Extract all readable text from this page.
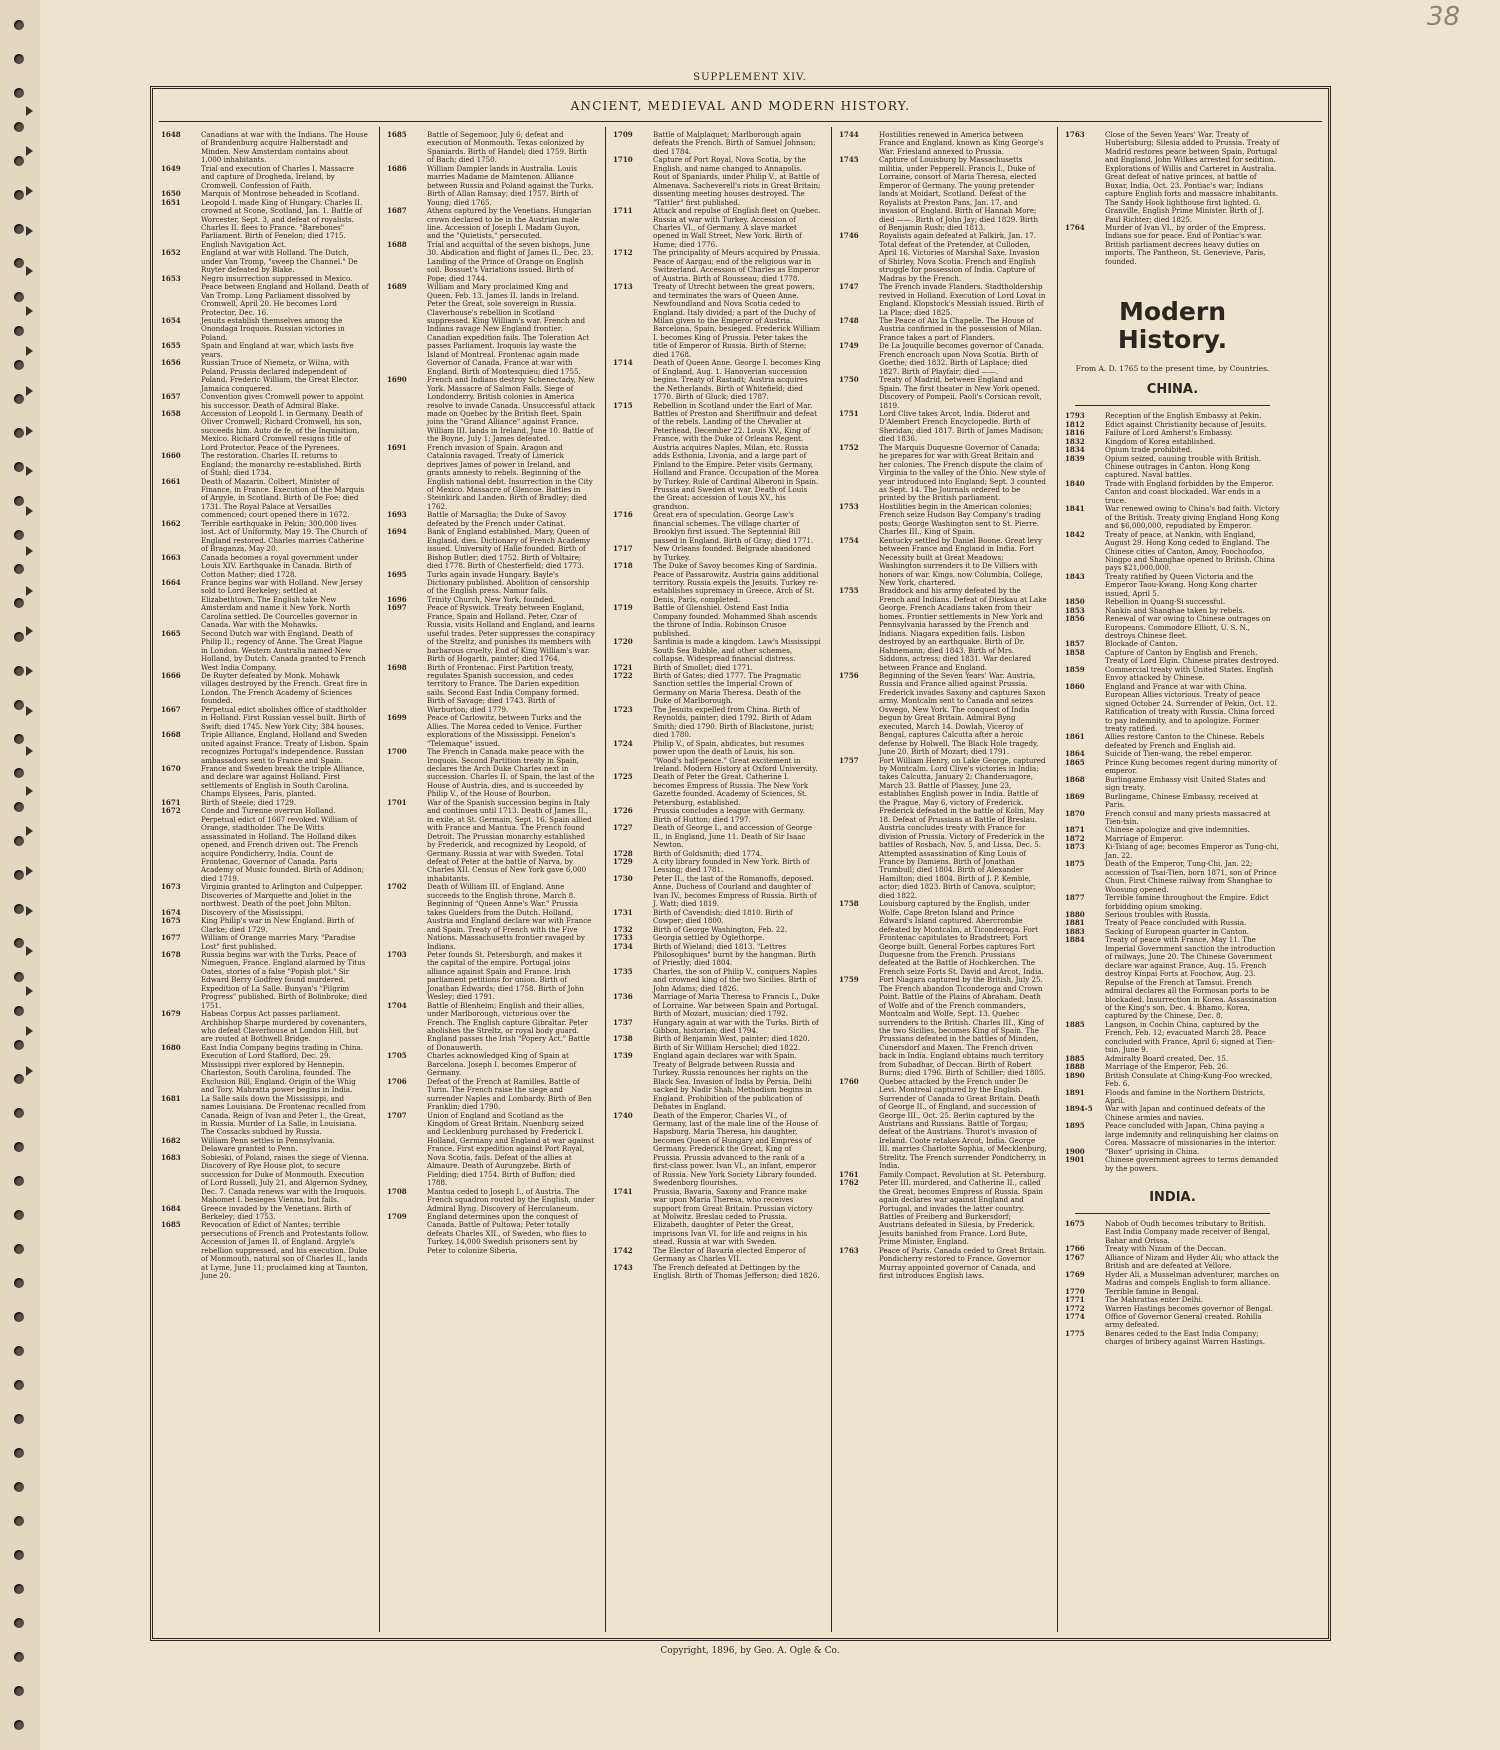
38
SUPPLEMENT XIV.
ANCIENT, MEDIEVAL AND MODERN HISTORY.
1648	Canadians at war with the Indians. The House of Brandenburg acquire Halberstadt and Minden. New Amsterdam contains about 1,000 inhabitants.
1649	Trial and execution of Charles I. Massacre and capture of Drogheda, Ireland, by Cromwell. Confession of Faith.
1650	Marquis of Montrose beheaded in Scotland.
1651	Leopold I. made King of Hungary. Charles II. crowned at Scone, Scotland, Jan. 1. Battle of Worcester, Sept. 3, and defeat of royalists. Charles II. flees to France. "Barebones" Parliament. Birth of Fenelon; died 1715. English Navigation Act.
1652	England at war with Holland. The Dutch, under Van Tromp, "sweep the Channel." De Ruyter defeated by Blake.
1653	Negro insurrection suppressed in Mexico. Peace between England and Holland. Death of Van Tromp. Long Parliament dissolved by Cromwell, April 20. He becomes Lord Protector, Dec. 16.
1654	Jesuits establish themselves among the Onondaga Iroquois. Russian victories in Poland.
1655	Spain and England at war, which lasts five years.
1656	Russian Truce of Niemetz, or Wilna, with Poland. Prussia declared independent of Poland. Frederic William, the Great Elector. Jamaica conquered.
1657	Convention gives Cromwell power to appoint his successor. Death of Admiral Blake.
1658	Accession of Leopold I. in Germany. Death of Oliver Cromwell; Richard Cromwell, his son, succeeds him. Auto de fe, of the Inquisition, Mexico. Richard Cromwell resigns title of Lord Protector. Peace of the Pyrenees.
1660	The restoration. Charles II. returns to England; the monarchy re-established. Birth of Stahl; died 1734.
1661	Death of Mazarin. Colbert, Minister of Finance, in France. Execution of the Marquis of Argyle, in Scotland. Birth of De Foe; died 1731. The Royal Palace at Versailles commenced; court opened there in 1672.
1662	Terrible earthquake in Pekin; 300,000 lives lost. Act of Uniformity, May 19. The Church of England restored. Charles marries Catherine of Braganza, May 20.
1663	Canada becomes a royal government under Louis XIV. Earthquake in Canada. Birth of Cotton Mather; died 1728.
1664	France begins war with Holland. New Jersey sold to Lord Berkeley; settled at Elizabethtown. The English take New Amsterdam and name it New York. North Carolina settled. De Courcelles governor in Canada. War with the Mohawks.
1665	Second Dutch war with England. Death of Philip II.; regency of Anne. The Great Plague in London. Western Australia named New Holland, by Dutch. Canada granted to French West India Company.
1666	De Ruyter defeated by Monk. Mohawk villages destroyed by the French. Great fire in London. The French Academy of Sciences founded.
1667	Perpetual edict abolishes office of stadtholder in Holland. First Russian vessel built. Birth of Swift; died 1745. New York City; 384 houses.
1668	Triple Alliance, England, Holland and Sweden united against France. Treaty of Lisbon. Spain recognizes Portugal's independence. Russian ambassadors sent to France and Spain.
1670	France and Sweden break the triple Alliance, and declare war against Holland. First settlements of English in South Carolina. Champs Elysees, Paris, planted.
1671	Birth of Steele; died 1729.
1672	Conde and Turenne overrun Holland. Perpetual edict of 1667 revoked. William of Orange, stadtholder. The De Witts assassinated in Holland. The Holland dikes opened, and French driven out. The French acquire Pondicherry, India. Count de Frontenac, Governor of Canada. Paris Academy of Music founded. Birth of Addison; died 1719.
1673	Virginia granted to Arlington and Culpepper. Discoveries of Marquette and Joliet in the northwest. Death of the poet John Milton.
1674	Discovery of the Mississippi.
1675	King Philip's war in New England. Birth of Clarke; died 1729.
1677	William of Orange marries Mary. "Paradise Lost" first published.
1678	Russia begins war with the Turks. Peace of Nimeguen, France. England alarmed by Titus Oates, stories of a false "Popish plot." Sir Edward Berry Godfrey found murdered. Expedition of La Salle. Bunyan's "Pilgrim Progress" published. Birth of Bolinbroke; died 1751.
1679	Habeas Corpus Act passes parliament. Archbishop Sharpe murdered by covenanters, who defeat Claverhouse at London Hill, but are routed at Bothwell Bridge.
1680	East India Company begins trading in China. Execution of Lord Stafford, Dec. 29. Mississippi river explored by Hennepin. Charleston, South Carolina, founded. The Exclusion Bill, England. Origin of the Whig and Tory. Mahratta power begins in India.
1681	La Salle sails down the Mississippi, and names Louisiana. De Frontenac recalled from Canada. Reign of Ivan and Peter I., the Great, in Russia. Murder of La Salle, in Louisiana. The Cossacks subdued by Russia.
1682	William Penn settles in Pennsylvania. Delaware granted to Penn.
1683	Sobieski, of Poland, raises the siege of Vienna. Discovery of Rye House plot, to secure succession for Duke of Monmouth. Execution of Lord Russell, July 21, and Algernon Sydney, Dec. 7. Canada renews war with the Iroquois. Mahomet I. besieges Vienna, but fails.
1684	Greece invaded by the Venetians. Birth of Berkeley; died 1753.
1685	Revocation of Edict of Nantes; terrible persecutions of French and Protestants follow. Accession of James II. of England. Argyle's rebellion suppressed, and his execution. Duke of Monmouth, natural son of Charles II., lands at Lyme, June 11; proclaimed king at Taunton, June 20.
1685	Battle of Segemoor, July 6; defeat and execution of Monmouth. Texas colonized by Spaniards. Birth of Handel; died 1759. Birth of Bach; died 1750.
1686	William Dampier lands in Australia. Louis marries Madame de Maintenon. Alliance between Russia and Poland against the Turks. Birth of Allan Ramsay; died 1757. Birth of Young; died 1765.
1687	Athens captured by the Venetians. Hungarian crown declared to be in the Austrian male line. Accession of Joseph I. Madam Guyon, and the "Quietists," persecuted.
1688	Trial and acquittal of the seven bishops, June 30. Abdication and flight of James II., Dec. 23. Landing of the Prince of Orange on English soil. Bossuet's Variations issued. Birth of Pope; died 1744.
1689	William and Mary proclaimed King and Queen, Feb. 13. James II. lands in Ireland. Peter the Great, sole sovereign in Russia. Claverhouse's rebellion in Scotland suppressed. King William's war. French and Indians ravage New England frontier. Canadian expedition fails. The Toleration Act passes Parliament. Iroquois lay waste the Island of Montreal. Frontenac again made Governor of Canada. France at war with England. Birth of Montesquieu; died 1755.
1690	French and Indians destroy Schenectady, New York. Massacre of Salmon Falls. Siege of Londonderry. British colonies in America resolve to invade Canada. Unsuccessful attack made on Quebec by the British fleet. Spain joins the "Grand Alliance" against France. William III. lands in Ireland, June 10. Battle of the Boyne, July 1; James defeated.
1691	French invasion of Spain. Aragon and Catalonia ravaged. Treaty of Limerick deprives James of power in Ireland, and grants amnesty to rebels. Beginning of the English national debt. Insurrection in the City of Mexico. Massacre of Glencoe. Battles in Steinkirk and Landen. Birth of Bradley; died 1762.
1693	Battle of Marsaglia; the Duke of Savoy defeated by the French under Catinat.
1694	Bank of England established. Mary, Queen of England, dies. Dictionary of French Academy issued. University of Halle founded. Birth of Bishop Butler; died 1752. Birth of Voltaire; died 1778. Birth of Chesterfield; died 1773.
1695	Turks again invade Hungary. Bayle's Dictionary published. Abolition of censorship of the English press. Namur falls.
1696	Trinity Church, New York, founded.
1697	Peace of Ryswick. Treaty between England, France, Spain and Holland. Peter, Czar of Russia, visits Holland and England, and learns useful trades. Peter suppresses the conspiracy of the Streltz, and punishes its members with barbarous cruelty. End of King William's war. Birth of Hogarth, painter; died 1764.
1698	Birth of Frontenac. First Partition treaty, regulates Spanish succession, and cedes territory to France. The Darien expedition sails. Second East India Company formed. Birth of Savage; died 1743. Birth of Warburton; died 1779.
1699	Peace of Carlowitz, between Turks and the Allies. The Morea ceded to Venice. Further explorations of the Mississippi. Fenelon's "Telemaque" issued.
1700	The French in Canada make peace with the Iroquois. Second Partition treaty in Spain, declares the Arch Duke Charles next in succession. Charles II. of Spain, the last of the House of Austria, dies, and is succeeded by Philip V., of the House of Bourbon.
1701	War of the Spanish succession begins in Italy and continues until 1713. Death of James II., in exile, at St. Germain, Sept. 16. Spain allied with France and Mantua. The French found Detroit. The Prussian monarchy established by Frederick, and recognized by Leopold, of Germany. Russia at war with Sweden. Total defeat of Peter at the battle of Narva, by Charles XII. Census of New York gave 6,000 inhabitants.
1702	Death of William III. of England. Anne succeeds to the English throne, March 8. Beginning of "Queen Anne's War." Prussia takes Guelders from the Dutch. Holland, Austria and England declare war with France and Spain. Treaty of French with the Five Nations. Massachusetts frontier ravaged by Indians.
1703	Peter founds St. Petersburgh, and makes it the capital of the empire. Portugal joins alliance against Spain and France. Irish parliament petitions for union. Birth of Jonathan Edwards; died 1758. Birth of John Wesley; died 1791.
1704	Battle of Blenheim; English and their allies, under Marlborough, victorious over the French. The English capture Gibraltar. Peter abolishes the Streltz, or royal body guard. England passes the Irish "Popery Act." Battle of Donauwerth.
1705	Charles acknowledged King of Spain at Barcelona. Joseph I. becomes Emperor of Germany.
1706	Defeat of the French at Ramilles. Battle of Turin. The French raise the siege and surrender Naples and Lombardy. Birth of Ben Franklin; died 1790.
1707	Union of England and Scotland as the Kingdom of Great Britain. Nuenburg seized and Lecklenburg purchased by Frederick I. Holland, Germany and England at war against France. First expedition against Port Royal, Nova Scotia, fails. Defeat of the allies at Almaure. Death of Aurungzebe. Birth of Fielding; died 1754. Birth of Buffon; died 1788.
1708	Mantua ceded to Joseph I., of Austria. The French squadron routed by the English, under Admiral Byng. Discovery of Herculaneum.
1709	England determines upon the conquest of Canada. Battle of Pultowa; Peter totally defeats Charles XII., of Sweden, who flies to Turkey. 14,000 Swedish prisoners sent by Peter to colonize Siberia.
1709	Battle of Malplaquet; Marlborough again defeats the French. Birth of Samuel Johnson; died 1784.
1710	Capture of Port Royal, Nova Scotia, by the English, and name changed to Annapolis. Rout of Spaniards, under Philip V., at Battle of Almenava. Sacheverell's riots in Great Britain; dissenting meeting houses destroyed. The "Tattler" first published.
1711	Attack and repulse of English fleet on Quebec. Russia at war with Turkey. Accession of Charles VI., of Germany. A slave market opened in Wall Street, New York. Birth of Hume; died 1776.
1712	The principality of Meurs acquired by Prussia. Peace of Aargau; end of the religious war in Switzerland. Accession of Charles as Emperor of Austria. Birth of Rousseau; died 1778.
1713	Treaty of Utrecht between the great powers, and terminates the wars of Queen Anne. Newfoundland and Nova Scotia ceded to England. Italy divided; a part of the Duchy of Milan given to the Emperor of Austria. Barcelona, Spain, besieged. Frederick William I. becomes King of Prussia. Peter takes the title of Emperor of Russia. Birth of Sterne; died 1768.
1714	Death of Queen Anne. George I. becomes King of England, Aug. 1. Hanoverian succession begins. Treaty of Rastadt; Austria acquires the Netherlands. Birth of Whitefield; died 1770. Birth of Gluck; died 1787.
1715	Rebellion in Scotland under the Earl of Mar. Battles of Preston and Sheriffmuir and defeat of the rebels. Landing of the Chevalier at Peterhead, December 22. Louis XV., King of France, with the Duke of Orleans Regent. Austria acquires Naples, Milan, etc. Russia adds Esthonia, Livonia, and a large part of Finland to the Empire. Peter visits Germany, Holland and France. Occupation of the Morea by Turkey. Rule of Cardinal Alberoni in Spain. Prussia and Sweden at war. Death of Louis the Great; accession of Louis XV., his grandson.
1716	Great era of speculation. George Law's financial schemes. The village charter of Brooklyn first issued. The Septennial Bill passed in England. Birth of Gray; died 1771.
1717	New Orleans founded. Belgrade abandoned by Turkey.
1718	The Duke of Savoy becomes King of Sardinia. Peace of Passarowitz. Austria gains additional territory. Russia expels the Jesuits. Turkey re-establishes supremacy in Greece. Arch of St. Denis, Paris, completed.
1719	Battle of Glenshiel. Ostend East India Company founded. Mohammed Shah ascends the throne of India. Robinson Crusoe published.
1720	Sardinia is made a kingdom. Law's Mississippi South Sea Bubble, and other schemes, collapse. Widespread financial distress.
1721	Birth of Smollet; died 1771.
1722	Birth of Gates; died 1777. The Pragmatic Sanction settles the Imperial Crown of Germany on Maria Theresa. Death of the Duke of Marlborough.
1723	The Jesuits expelled from China. Birth of Reynolds, painter; died 1792. Birth of Adam Smith; died 1790. Birth of Blackstone, jurist; died 1780.
1724	Philip V., of Spain, abdicates, but resumes power upon the death of Louis, his son. "Wood's half-pence." Great excitement in Ireland. Modern History at Oxford University.
1725	Death of Peter the Great. Catherine I. becomes Empress of Russia. The New York Gazette founded. Academy of Sciences, St. Petersburg, established.
1726	Prussia concludes a league with Germany. Birth of Hutton; died 1797.
1727	Death of George I., and accession of George II., in England, June 11. Death of Sir Isaac Newton.
1728	Birth of Goldsmith; died 1774.
1729	A city library founded in New York. Birth of Lessing; died 1781.
1730	Peter II., the last of the Romanoffs, deposed. Anne, Duchess of Courland and daughter of Ivan IV., becomes Empress of Russia. Birth of J. Watt; died 1819.
1731	Birth of Cavendish; died 1810. Birth of Cowper; died 1800.
1732	Birth of George Washington, Feb. 22.
1733	Georgia settled by Oglethorpe.
1734	Birth of Wieland; died 1813. "Lettres Philosophiques" burnt by the hangman. Birth of Priestly; died 1804.
1735	Charles, the son of Philip V., conquers Naples and crowned king of the two Sicilies. Birth of John Adams; died 1826.
1736	Marriage of Maria Theresa to Francis I., Duke of Lorraine. War between Spain and Portugal. Birth of Mozart, musician; died 1792.
1737	Hungary again at war with the Turks. Birth of Gibbon, historian; died 1794.
1738	Birth of Benjamin West, painter; died 1820. Birth of Sir William Herschel; died 1822.
1739	England again declares war with Spain. Treaty of Belgrade between Russia and Turkey. Russia renounces her rights on the Black Sea. Invasion of India by Persia. Delhi sacked by Nadir Shah. Methodism begins in England. Prohibition of the publication of Debates in England.
1740	Death of the Emperor, Charles VI., of Germany, last of the male line of the House of Hapsburg. Maria Theresa, his daughter, becomes Queen of Hungary and Empress of Germany. Frederick the Great, King of Prussia. Prussia advanced to the rank of a first-class power. Ivan VI., an infant, emperor of Russia. New York Society Library founded. Swedenborg flourishes.
1741	Prussia, Bavaria, Saxony and France make war upon Maria Theresa, who receives support from Great Britain. Prussian victory at Molwitz. Breslau ceded to Prussia. Elizabeth, daughter of Peter the Great, imprisons Ivan VI. for life and reigns in his stead. Russia at war with Sweden.
1742	The Elector of Bavaria elected Emperor of Germany as Charles VII.
1743	The French defeated at Dettingen by the English. Birth of Thomas Jefferson; died 1826.
1744	Hostilities renewed in America between France and England, known as King George's War. Friesland annexed to Prussia.
1745	Capture of Louisburg by Massachusetts militia, under Pepperell. Francis I., Duke of Lorraine, consort of Maria Theresa, elected Emperor of Germany. The young pretender lands at Moidart, Scotland. Defeat of the Royalists at Preston Pans, Jan. 17, and invasion of England. Birth of Hannah More; died ——. Birth of John Jay; died 1829. Birth of Benjamin Rush; died 1813.
1746	Royalists again defeated at Falkirk, Jan. 17. Total defeat of the Pretender, at Culloden, April 16. Victories of Marshal Saxe. Invasion of Shirley, Nova Scotia. French and English struggle for possession of India. Capture of Madras by the French.
1747	The French invade Flanders. Stadtholdership revived in Holland. Execution of Lord Lovat in England. Klopstock's Messiah issued. Birth of La Place; died 1825.
1748	The Peace of Aix la Chapelle. The House of Austria confirmed in the possession of Milan. France takes a part of Flanders.
1749	De La Jouquille becomes governor of Canada. French encroach upon Nova Scotia. Birth of Goethe; died 1832. Birth of Laplace; died 1827. Birth of Playfair; died ——.
1750	Treaty of Madrid, between England and Spain. The first theater in New York opened. Discovery of Pompeii. Paoli's Corsican revolt, 1819.
1751	Lord Clive takes Arcot, India. Diderot and D'Alembert French Encyclopedie. Birth of Sheridan; died 1817. Birth of James Madison; died 1836.
1752	The Marquis Duquesne Governor of Canada; he prepares for war with Great Britain and her colonies. The French dispute the claim of Virginia to the valley of the Ohio. New style of year introduced into England; Sept. 3 counted as Sept. 14. The Journals ordered to be printed by the British parliament.
1753	Hostilities begin in the American colonies; French seize Hudson Bay Company's trading posts; George Washington sent to St. Pierre. Charles III., King of Spain.
1754	Kentucky settled by Daniel Boone. Great levy between France and England in India. Fort Necessity built at Great Meadows; Washington surrenders it to De Villiers with honors of war. Kings, now Columbia, College, New York, chartered.
1755	Braddock and his army defeated by the French and Indians. Defeat of Dieskau at Lake George. French Acadians taken from their homes. Frontier settlements in New York and Pennsylvania harassed by the French and Indians. Niagara expedition fails. Lisbon destroyed by an earthquake. Birth of Dr. Hahnemann; died 1843. Birth of Mrs. Siddons, actress; died 1831. War declared between France and England.
1756	Beginning of the Seven Years' War. Austria, Russia and France allied against Prussia. Frederick invades Saxony and captures Saxon army. Montcalm sent to Canada and seizes Oswego, New York. The conquest of India begun by Great Britain. Admiral Byng executed, March 14. Dowlah, Viceroy of Bengal, captures Calcutta after a heroic defense by Holwell. The Black Hole tragedy, June 20. Birth of Mozart; died 1791.
1757	Fort William Henry, on Lake George, captured by Montcalm. Lord Clive's victories in India; takes Calcutta, January 2; Chanderuagore, March 23. Battle of Plassey, June 23, establishes English power in India. Battle of the Prague, May 6, victory of Frederick. Frederick defeated in the battle of Kolin, May 18. Defeat of Prussians at Battle of Breslau. Austria concludes treaty with France for division of Prussia. Victory of Frederick in the battles of Rosbach, Nov. 5, and Lissa, Dec. 5. Attempted assassination of King Louis of France by Damiens. Birth of Jonathan Trumbull; died 1804. Birth of Alexander Hamilton; died 1804. Birth of J. P. Kemble, actor; died 1823. Birth of Canova, sculptor; died 1822.
1758	Louisburg captured by the English, under Wolfe. Cape Breton Island and Prince Edward's Island captured. Abercrombie defeated by Montcalm, at Ticonderoga. Fort Frontenac capitulates to Bradstreet; Fort George built. General Forbes captures Fort Duquesne from the French. Prussians defeated at the Battle of Hochkerchen. The French seize Forts St. David and Arcot, India.
1759	Fort Niagara captured by the British, July 25. The French abandon Ticonderoga and Crown Point. Battle of the Plains of Abraham. Death of Wolfe and of the French commanders, Montcalm and Wolfe, Sept. 13. Quebec surrenders to the British. Charles III., King of the two Sicilies, becomes King of Spain. The Prussians defeated in the battles of Minden, Cunersdorf and Maxen. The French driven back in India. England obtains much territory from Subadhar, of Deccan. Birth of Robert Burns; died 1796. Birth of Schiller; died 1805.
1760	Quebec attacked by the French under De Levi. Montreal captured by the English. Surrender of Canada to Great Britain. Death of George II., of England, and succession of George III., Oct. 25. Berlin captured by the Austrians and Russians. Battle of Torgau; defeat of the Austrians. Thurot's invasion of Ireland. Coote retakes Arcot, India. George III. marries Charlotte Sophia, of Mecklenburg, Strelitz. The French surrender Pondicherry, in India.
1761	Family Compact. Revolution at St. Petersburg.
1762	Peter III. murdered, and Catherine II., called the Great, becomes Empress of Russia. Spain again declares war against England and Portugal, and invades the latter country. Battles of Freiberg and Burkersdorf; Austrians defeated in Silesia, by Frederick. Jesuits banished from France. Lord Bute, Prime Minister, England.
1763	Peace of Paris. Canada ceded to Great Britain. Pondicherry restored to France. Governor Murray appointed governor of Canada, and first introduces English laws.
1763	Close of the Seven Years' War. Treaty of Hubertsburg; Silesia added to Prussia. Treaty of Madrid restores peace between Spain, Portugal and England. John Wilkes arrested for sedition. Explorations of Willis and Carteret in Australia. Great defeat of native princes, at battle of Buxar, India, Oct. 23. Pontiac's war; Indians capture English forts and massacre inhabitants. The Sandy Hook lighthouse first lighted. G. Granville, English Prime Minister. Birth of J. Paul Richter; died 1825.
1764	Murder of Ivan VI., by order of the Empress. Indians sue for peace. End of Pontiac's war. British parliament decrees heavy duties on imports. The Pantheon, St. Genevieve, Paris, founded.
Modern History.
From A. D. 1765 to the present time, by Countries.
CHINA.
1793	Reception of the English Embassy at Pekin.
1812	Edict against Christianity because of Jesuits.
1816	Failure of Lord Amherst's Embassy.
1832	Kingdom of Korea established.
1834	Opium trade prohibited.
1839	Opium seized, causing trouble with British. Chinese outrages in Canton. Hong Kong captured. Naval battles.
1840	Trade with England forbidden by the Emperor. Canton and coast blockaded. War ends in a truce.
1841	War renewed owing to China's bad faith. Victory of the British. Treaty giving England Hong Kong and $6,000,000, repudiated by Emperor.
1842	Treaty of peace, at Nankin, with England, August 29. Hong Kong ceded to England. The Chinese cities of Canton, Amoy, Foochoofoo, Ningpo and Shanghae opened to British. China pays $21,000,000.
1843	Treaty ratified by Queen Victoria and the Emperor Taou-Kwang. Hong Kong charter issued, April 5.
1850	Rebellion in Quang-Si successful.
1853	Nankin and Shanghae taken by rebels.
1856	Renewal of war owing to Chinese outrages on Europeans. Commodore Elliott, U. S. N., destroys Chinese fleet.
1857	Blockade of Canton.
1858	Capture of Canton by English and French. Treaty of Lord Elgin. Chinese pirates destroyed.
1859	Commercial treaty with United States. English Envoy attacked by Chinese.
1860	England and France at war with China. European Allies victorious. Treaty of peace signed October 24. Surrender of Pekin, Oct. 12. Ratification of treaty with Russia. China forced to pay indemnity, and to apologize. Former treaty ratified.
1861	Allies restore Canton to the Chinese. Rebels defeated by French and English aid.
1864	Suicide of Tien-wang, the rebel emperor.
1865	Prince Kung becomes regent during minority of emperor.
1868	Burlingame Embassy visit United States and sign treaty.
1869	Burlingame, Chinese Embassy, received at Paris.
1870	French consul and many priests massacred at Tien-tsin.
1871	Chinese apologize and give indemnities.
1872	Marriage of Emperor.
1873	Ki-Tsiang of age; becomes Emperor as Tung-chi, Jan. 22.
1875	Death of the Emperor, Tung-Chi, Jan. 22; accession of Tsai-Tien, born 1871, son of Prince Chun. First Chinese railway from Shanghae to Woosung opened.
1877	Terrible famine throughout the Empire. Edict forbidding opium smoking.
1880	Serious troubles with Russia.
1881	Treaty of Peace concluded with Russia.
1883	Sacking of European quarter in Canton.
1884	Treaty of peace with France, May 11. The Imperial Government sanction the introduction of railways, June 20. The Chinese Government declare war against France, Aug. 15. French destroy Kinpai Forts at Foochow, Aug. 23. Repulse of the French at Tamsui. French admiral declares all the Formosan ports to be blockaded. Insurrection in Korea. Assassination of the King's son, Dec. 4. Bhamo, Korea, captured by the Chinese, Dec. 8.
1885	Langson, in Cochin China, captured by the French, Feb. 12; evacuated March 28. Peace concluded with France, April 6; signed at Tien-tsin, June 9.
1885	Admiralty Board created, Dec. 15.
1888	Marriage of the Emperor, Feb. 26.
1890	British Consulate at Ching-Kung-Foo wrecked, Feb. 6.
1891	Floods and famine in the Northern Districts, April.
1894-5	War with Japan and continued defeats of the Chinese armies and navies.
1895	Peace concluded with Japan, China paying a large indemnity and relinquishing her claims on Corea. Massacre of missionaries in the interior.
1900	"Boxer" uprising in China.
1901	Chinese government agrees to terms demanded by the powers.
INDIA.
1675	Nabob of Oudh becomes tributary to British. East India Company made receiver of Bengal, Bahar and Orissa.
1766	Treaty with Nizam of the Deccan.
1767	Alliance of Nizam and Hyder Ali; who attack the British and are defeated at Vellore.
1769	Hyder Ali, a Musselman adventurer, marches on Madras and compels English to form alliance.
1770	Terrible famine in Bengal.
1771	The Mahrattas enter Delhi.
1772	Warren Hastings becomes governor of Bengal.
1774	Office of Governor General created. Rohilla army defeated.
1775	Benares ceded to the East India Company; charges of bribery against Warren Hastings.
Copyright, 1896, by Geo. A. Ogle & Co.
